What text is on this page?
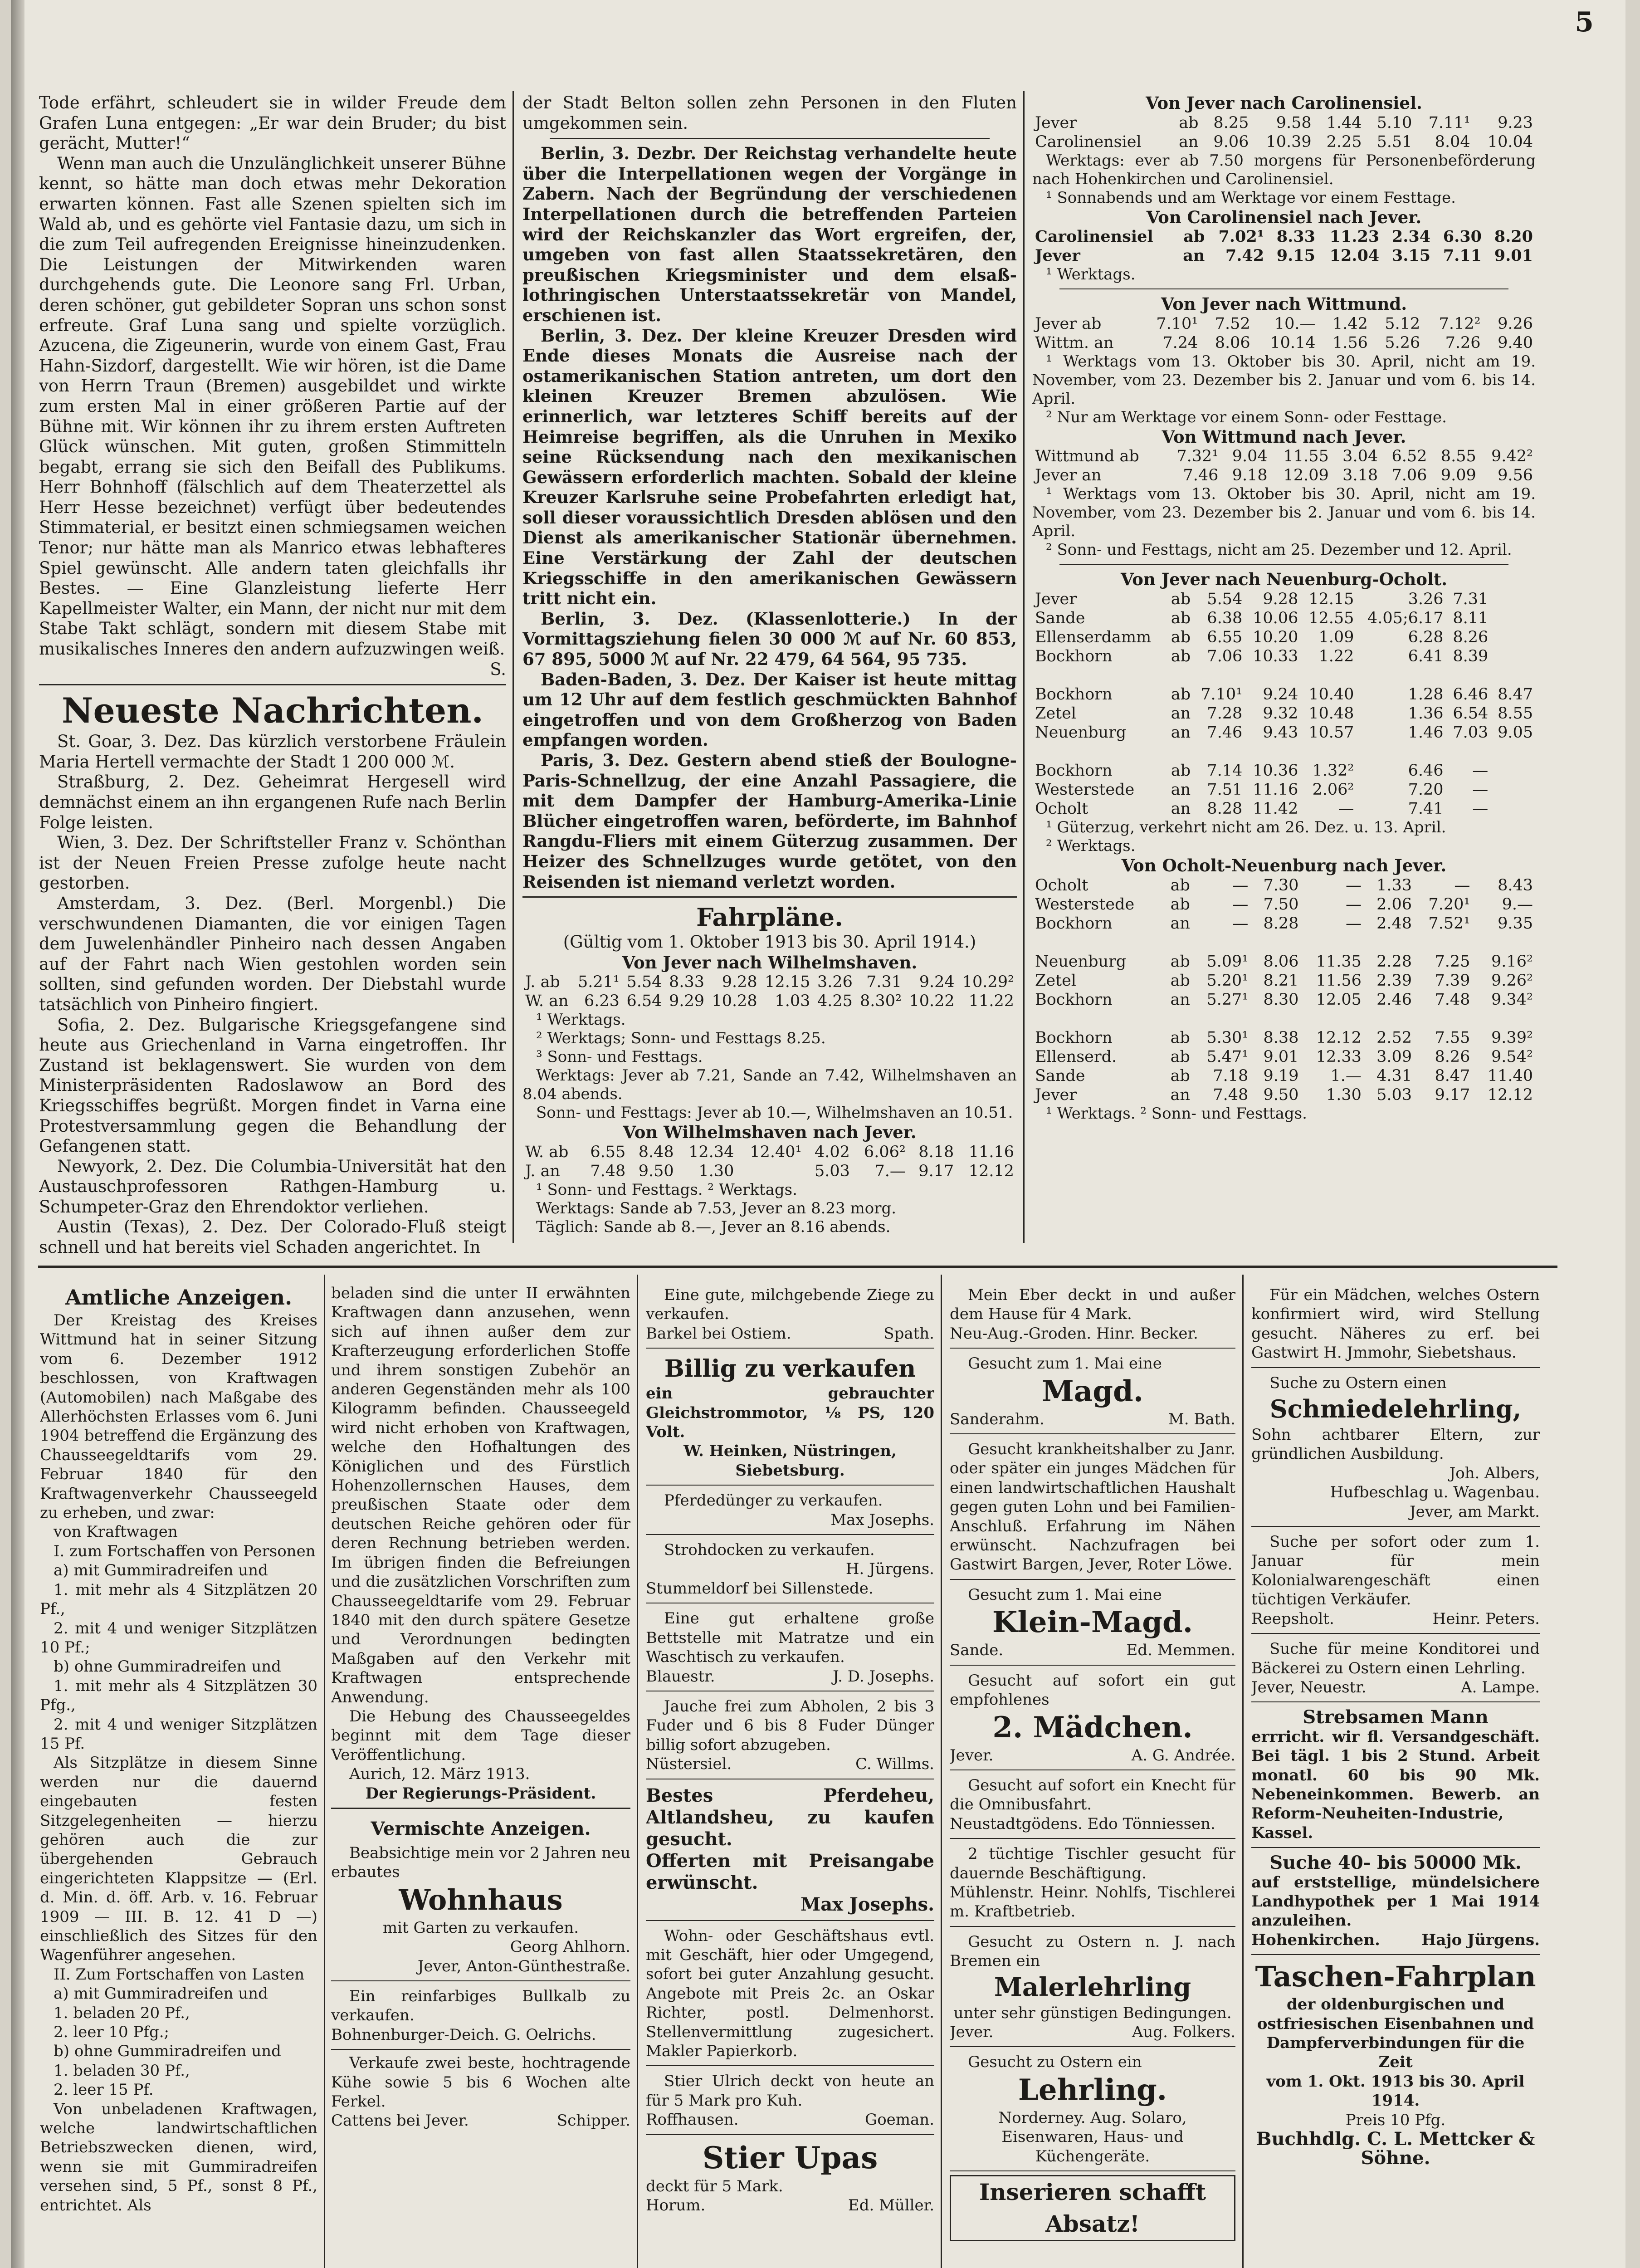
5

Tode erfährt, schleudert sie in wilder Freude dem Grafen Luna entgegen: „Er war dein Bruder; du bist gerächt, Mutter!“

Wenn man auch die Unzulänglichkeit unserer Bühne kennt, so hätte man doch etwas mehr Dekoration erwarten können. Fast alle Szenen spielten sich im Wald ab, und es gehörte viel Fantasie dazu, um sich in die zum Teil aufregenden Ereignisse hineinzudenken. Die Leistungen der Mitwirkenden waren durchgehends gute. Die Leonore sang Frl. Urban, deren schöner, gut gebildeter Sopran uns schon sonst erfreute. Graf Luna sang und spielte vorzüglich. Azucena, die Zigeunerin, wurde von einem Gast, Frau Hahn-Sizdorf, dargestellt. Wie wir hören, ist die Dame von Herrn Traun (Bremen) ausgebildet und wirkte zum ersten Mal in einer größeren Partie auf der Bühne mit. Wir können ihr zu ihrem ersten Auftreten Glück wünschen. Mit guten, großen Stimmitteln begabt, errang sie sich den Beifall des Publikums. Herr Bohnhoff (fälschlich auf dem Theaterzettel als Herr Hesse bezeichnet) verfügt über bedeutendes Stimmaterial, er besitzt einen schmiegsamen weichen Tenor; nur hätte man als Manrico etwas lebhafteres Spiel gewünscht. Alle andern taten gleichfalls ihr Bestes. — Eine Glanzleistung lieferte Herr Kapellmeister Walter, ein Mann, der nicht nur mit dem Stabe Takt schlägt, sondern mit diesem Stabe mit musikalisches Inneres den andern aufzuzwingen weiß.

S.

Neueste Nachrichten.

St. Goar, 3. Dez. Das kürzlich verstorbene Fräulein Maria Hertell vermachte der Stadt 1 200 000 ℳ.

Straßburg, 2. Dez. Geheimrat Hergesell wird demnächst einem an ihn ergangenen Rufe nach Berlin Folge leisten.

Wien, 3. Dez. Der Schriftsteller Franz v. Schönthan ist der Neuen Freien Presse zufolge heute nacht gestorben.

Amsterdam, 3. Dez. (Berl. Morgenbl.) Die verschwundenen Diamanten, die vor einigen Tagen dem Juwelenhändler Pinheiro nach dessen Angaben auf der Fahrt nach Wien gestohlen worden sein sollten, sind gefunden worden. Der Diebstahl wurde tatsächlich von Pinheiro fingiert.

Sofia, 2. Dez. Bulgarische Kriegsgefangene sind heute aus Griechenland in Varna eingetroffen. Ihr Zustand ist beklagenswert. Sie wurden von dem Ministerpräsidenten Radoslawow an Bord des Kriegsschiffes begrüßt. Morgen findet in Varna eine Protestversammlung gegen die Behandlung der Gefangenen statt.

Newyork, 2. Dez. Die Columbia-Universität hat den Austauschprofessoren Rathgen-Hamburg u. Schumpeter-Graz den Ehrendoktor verliehen.

Austin (Texas), 2. Dez. Der Colorado-Fluß steigt schnell und hat bereits viel Schaden angerichtet. In

der Stadt Belton sollen zehn Personen in den Fluten umgekommen sein.

Berlin, 3. Dezbr. Der Reichstag verhandelte heute über die Interpellationen wegen der Vorgänge in Zabern. Nach der Begründung der verschiedenen Interpellationen durch die betreffenden Parteien wird der Reichskanzler das Wort ergreifen, der, umgeben von fast allen Staatssekretären, den preußischen Kriegsminister und dem elsaß-lothringischen Unterstaatssekretär von Mandel, erschienen ist.

Berlin, 3. Dez. Der kleine Kreuzer Dresden wird Ende dieses Monats die Ausreise nach der ostamerikanischen Station antreten, um dort den kleinen Kreuzer Bremen abzulösen. Wie erinnerlich, war letzteres Schiff bereits auf der Heimreise begriffen, als die Unruhen in Mexiko seine Rücksendung nach den mexikanischen Gewässern erforderlich machten. Sobald der kleine Kreuzer Karlsruhe seine Probefahrten erledigt hat, soll dieser voraussichtlich Dresden ablösen und den Dienst als amerikanischer Stationär übernehmen. Eine Verstärkung der Zahl der deutschen Kriegsschiffe in den amerikanischen Gewässern tritt nicht ein.

Berlin, 3. Dez. (Klassenlotterie.) In der Vormittagsziehung fielen 30 000 ℳ auf Nr. 60 853, 67 895, 5000 ℳ auf Nr. 22 479, 64 564, 95 735.

Baden-Baden, 3. Dez. Der Kaiser ist heute mittag um 12 Uhr auf dem festlich geschmückten Bahnhof eingetroffen und von dem Großherzog von Baden empfangen worden.

Paris, 3. Dez. Gestern abend stieß der Boulogne-Paris-Schnellzug, der eine Anzahl Passagiere, die mit dem Dampfer der Hamburg-Amerika-Linie Blücher eingetroffen waren, beförderte, im Bahnhof Rangdu-Fliers mit einem Güterzug zusammen. Der Heizer des Schnellzuges wurde getötet, von den Reisenden ist niemand verletzt worden.

Fahrpläne.

(Gültig vom 1. Oktober 1913 bis 30. April 1914.)

Von Jever nach Wilhelmshaven.

J. ab	5.21¹	5.54	8.33	9.28	12.15	3.26	7.31	9.24	10.29²
W. an	6.23	6.54	9.29	10.28	1.03	4.25	8.30²	10.22	11.22

¹ Werktags.

² Werktags; Sonn- und Festtags 8.25.

³ Sonn- und Festtags.

Werktags: Jever ab 7.21, Sande an 7.42, Wilhelmshaven an 8.04 abends.

Sonn- und Festtags: Jever ab 10.—, Wilhelmshaven an 10.51.

Von Wilhelmshaven nach Jever.

W. ab	6.55	8.48	12.34	12.40¹	4.02	6.06²	8.18	11.16
J. an	7.48	9.50	1.30		5.03	7.—	9.17	12.12

¹ Sonn- und Festtags. ² Werktags.

Werktags: Sande ab 7.53, Jever an 8.23 morg.

Täglich: Sande ab 8.—, Jever an 8.16 abends.

Von Jever nach Carolinensiel.

Jever	ab	8.25	9.58	1.44	5.10	7.11¹	9.23
Carolinensiel	an	9.06	10.39	2.25	5.51	8.04	10.04

Werktags: ever ab 7.50 morgens für Personenbeförderung nach Hohenkirchen und Carolinensiel.

¹ Sonnabends und am Werktage vor einem Festtage.

Von Carolinensiel nach Jever.

Carolinensiel	ab	7.02¹	8.33	11.23	2.34	6.30	8.20
Jever	an	7.42	9.15	12.04	3.15	7.11	9.01

¹ Werktags.

Von Jever nach Wittmund.

Jever ab	7.10¹	7.52	10.—	1.42	5.12	7.12²	9.26
Wittm. an	7.24	8.06	10.14	1.56	5.26	7.26	9.40

¹ Werktags vom 13. Oktober bis 30. April, nicht am 19. November, vom 23. Dezember bis 2. Januar und vom 6. bis 14. April.

² Nur am Werktage vor einem Sonn- oder Festtage.

Von Wittmund nach Jever.

Wittmund ab	7.32¹	9.04	11.55	3.04	6.52	8.55	9.42²
Jever an	7.46	9.18	12.09	3.18	7.06	9.09	9.56

¹ Werktags vom 13. Oktober bis 30. April, nicht am 19. November, vom 23. Dezember bis 2. Januar und vom 6. bis 14. April.

² Sonn- und Festtags, nicht am 25. Dezember und 12. April.

Von Jever nach Neuenburg-Ocholt.

Jever	ab	5.54	9.28	12.15	3.26	7.31	
Sande	ab	6.38	10.06	12.55	4.05;6.17	8.11	
Ellenserdamm	ab	6.55	10.20	1.09	6.28	8.26	
Bockhorn	ab	7.06	10.33	1.22	6.41	8.39	

Bockhorn	ab	7.10¹	9.24	10.40	1.28	6.46	8.47
Zetel	an	7.28	9.32	10.48	1.36	6.54	8.55
Neuenburg	an	7.46	9.43	10.57	1.46	7.03	9.05

Bockhorn	ab	7.14	10.36	1.32²	6.46	—	
Westerstede	an	7.51	11.16	2.06²	7.20	—	
Ocholt	an	8.28	11.42	—	7.41	—	

¹ Güterzug, verkehrt nicht am 26. Dez. u. 13. April.

² Werktags.

Von Ocholt-Neuenburg nach Jever.

Ocholt	ab	—	7.30	—	1.33	—	8.43
Westerstede	ab	—	7.50	—	2.06	7.20¹	9.—
Bockhorn	an	—	8.28	—	2.48	7.52¹	9.35

Neuenburg	ab	5.09¹	8.06	11.35	2.28	7.25	9.16²
Zetel	ab	5.20¹	8.21	11.56	2.39	7.39	9.26²
Bockhorn	an	5.27¹	8.30	12.05	2.46	7.48	9.34²

Bockhorn	ab	5.30¹	8.38	12.12	2.52	7.55	9.39²
Ellenserd.	ab	5.47¹	9.01	12.33	3.09	8.26	9.54²
Sande	ab	7.18	9.19	1.—	4.31	8.47	11.40
Jever	an	7.48	9.50	1.30	5.03	9.17	12.12

¹ Werktags. ² Sonn- und Festtags.

Amtliche Anzeigen.

Der Kreistag des Kreises Wittmund hat in seiner Sitzung vom 6. Dezember 1912 beschlossen, von Kraftwagen (Automobilen) nach Maßgabe des Allerhöchsten Erlasses vom 6. Juni 1904 betreffend die Ergänzung des Chausseegeldtarifs vom 29. Februar 1840 für den Kraftwagenverkehr Chausseegeld zu erheben, und zwar:

von Kraftwagen

I. zum Fortschaffen von Personen

a) mit Gummiradreifen und

1. mit mehr als 4 Sitzplätzen 20 Pf.,

2. mit 4 und weniger Sitzplätzen 10 Pf.;

b) ohne Gummiradreifen und

1. mit mehr als 4 Sitzplätzen 30 Pfg.,

2. mit 4 und weniger Sitzplätzen 15 Pf.

Als Sitzplätze in diesem Sinne werden nur die dauernd eingebauten festen Sitzgelegenheiten — hierzu gehören auch die zur übergehenden Gebrauch eingerichteten Klappsitze — (Erl. d. Min. d. öff. Arb. v. 16. Februar 1909 — III. B. 12. 41 D —) einschließlich des Sitzes für den Wagenführer angesehen.

II. Zum Fortschaffen von Lasten

a) mit Gummiradreifen und

1. beladen 20 Pf.,

2. leer 10 Pfg.;

b) ohne Gummiradreifen und

1. beladen 30 Pf.,

2. leer 15 Pf.

Von unbeladenen Kraftwagen, welche landwirtschaftlichen Betriebszwecken dienen, wird, wenn sie mit Gummiradreifen versehen sind, 5 Pf., sonst 8 Pf., entrichtet. Als

beladen sind die unter II erwähnten Kraftwagen dann anzusehen, wenn sich auf ihnen außer dem zur Krafterzeugung erforderlichen Stoffe und ihrem sonstigen Zubehör an anderen Gegenständen mehr als 100 Kilogramm befinden. Chausseegeld wird nicht erhoben von Kraftwagen, welche den Hofhaltungen des Königlichen und des Fürstlich Hohenzollernschen Hauses, dem preußischen Staate oder dem deutschen Reiche gehören oder für deren Rechnung betrieben werden. Im übrigen finden die Befreiungen und die zusätzlichen Vorschriften zum Chausseegeldtarife vom 29. Februar 1840 mit den durch spätere Gesetze und Verordnungen bedingten Maßgaben auf den Verkehr mit Kraftwagen entsprechende Anwendung.

Die Hebung des Chausseegeldes beginnt mit dem Tage dieser Veröffentlichung.

Aurich, 12. März 1913.

Der Regierungs-Präsident.

Vermischte Anzeigen.

Beabsichtige mein vor 2 Jahren neu erbautes

Wohnhaus

mit Garten zu verkaufen.

Georg Ahlhorn.

Jever, Anton-Günthestraße.

Ein reinfarbiges Bullkalb zu verkaufen.

Bohnenburger-Deich. G. Oelrichs.

Verkaufe zwei beste, hochtragende Kühe sowie 5 bis 6 Wochen alte Ferkel.

Cattens bei Jever.	Schipper.

Eine gute, milchgebende Ziege zu verkaufen.

Barkel bei Ostiem.	Spath.

Billig zu verkaufen

ein gebrauchter Gleichstrommotor, ⅛ PS, 120 Volt.

W. Heinken, Nüstringen, Siebetsburg.

Pferdedünger zu verkaufen.

Max Josephs.

Strohdocken zu verkaufen.

H. Jürgens.

Stummeldorf bei Sillenstede.

Eine gut erhaltene große Bettstelle mit Matratze und ein Waschtisch zu verkaufen.

Blauestr.	J. D. Josephs.

Jauche frei zum Abholen, 2 bis 3 Fuder und 6 bis 8 Fuder Dünger billig sofort abzugeben.

Nüstersiel.	C. Willms.

Bestes Pferdeheu, Altlandsheu, zu kaufen gesucht.

Offerten mit Preisangabe erwünscht.

Max Josephs.

Wohn- oder Geschäftshaus evtl. mit Geschäft, hier oder Umgegend, sofort bei guter Anzahlung gesucht. Angebote mit Preis 2c. an Oskar Richter, postl. Delmenhorst. Stellenvermittlung zugesichert. Makler Papierkorb.

Stier Ulrich deckt von heute an für 5 Mark pro Kuh.

Roffhausen.	Goeman.

Stier Upas

deckt für 5 Mark.

Horum.	Ed. Müller.

Mein Eber deckt in und außer dem Hause für 4 Mark.

Neu-Aug.-Groden. Hinr. Becker.

Gesucht zum 1. Mai eine

Magd.

Sanderahm.	M. Bath.

Gesucht krankheitshalber zu Janr. oder später ein junges Mädchen für einen landwirtschaftlichen Haushalt gegen guten Lohn und bei Familien-Anschluß. Erfahrung im Nähen erwünscht. Nachzufragen bei Gastwirt Bargen, Jever, Roter Löwe.

Gesucht zum 1. Mai eine

Klein-Magd.

Sande.	Ed. Memmen.

Gesucht auf sofort ein gut empfohlenes

2. Mädchen.

Jever.	A. G. Andrée.

Gesucht auf sofort ein Knecht für die Omnibusfahrt.

Neustadtgödens. Edo Tönniessen.

2 tüchtige Tischler gesucht für dauernde Beschäftigung.

Mühlenstr. Heinr. Nohlfs, Tischlerei m. Kraftbetrieb.

Gesucht zu Ostern n. J. nach Bremen ein

Malerlehrling

unter sehr günstigen Bedingungen.

Jever.	Aug. Folkers.

Gesucht zu Ostern ein

Lehrling.

Norderney. Aug. Solaro, Eisenwaren, Haus- und Küchengeräte.

Inserieren schafft Absatz!

Für ein Mädchen, welches Ostern konfirmiert wird, wird Stellung gesucht. Näheres zu erf. bei Gastwirt H. Jmmohr, Siebetshaus.

Suche zu Ostern einen

Schmiedelehrling,

Sohn achtbarer Eltern, zur gründlichen Ausbildung.

Joh. Albers,

Hufbeschlag u. Wagenbau.

Jever, am Markt.

Suche per sofort oder zum 1. Januar für mein Kolonialwarengeschäft einen tüchtigen Verkäufer.

Reepsholt.	Heinr. Peters.

Suche für meine Konditorei und Bäckerei zu Ostern einen Lehrling.

Jever, Neuestr.	A. Lampe.

Strebsamen Mann

errricht. wir fl. Versandgeschäft. Bei tägl. 1 bis 2 Stund. Arbeit monatl. 60 bis 90 Mk. Nebeneinkommen. Bewerb. an Reform-Neuheiten-Industrie, Kassel.

Suche 40- bis 50000 Mk.

auf erststellige, mündelsichere Landhypothek per 1 Mai 1914 anzuleihen.

Hohenkirchen.	Hajo Jürgens.

Taschen-Fahrplan

der oldenburgischen und ostfriesischen Eisenbahnen und Dampferverbindungen für die Zeit

vom 1. Okt. 1913 bis 30. April 1914.

Preis 10 Pfg.

Buchhdlg. C. L. Mettcker & Söhne.
